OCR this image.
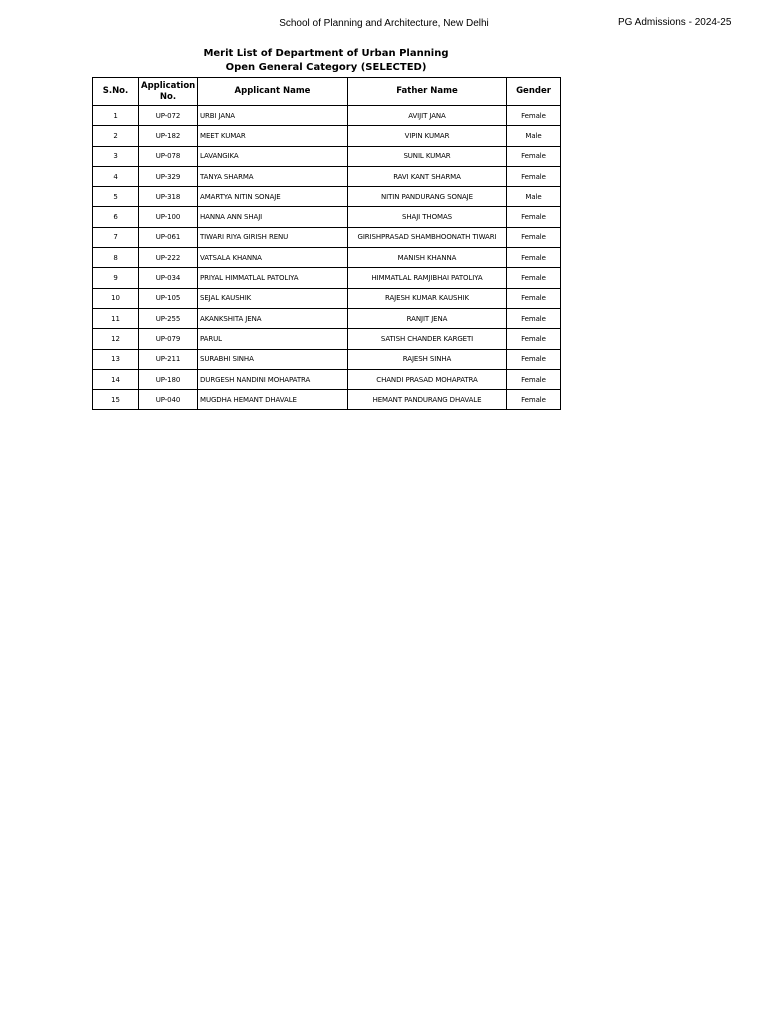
School of Planning and Architecture, New Delhi	PG Admissions - 2024-25
Merit List of Department of Urban Planning
Open General Category (SELECTED)
S.No.	Application No.	Applicant Name	Father Name	Gender
1	UP-072	URBI JANA	AVIJIT JANA	Female
2	UP-182	MEET KUMAR	VIPIN KUMAR	Male
3	UP-078	LAVANGIKA	SUNIL KUMAR	Female
4	UP-329	TANYA SHARMA	RAVI KANT SHARMA	Female
5	UP-318	AMARTYA NITIN SONAJE	NITIN PANDURANG SONAJE	Male
6	UP-100	HANNA ANN SHAJI	SHAJI THOMAS	Female
7	UP-061	TIWARI RIYA GIRISH RENU	GIRISHPRASAD SHAMBHOONATH TIWARI	Female
8	UP-222	VATSALA KHANNA	MANISH KHANNA	Female
9	UP-034	PRIYAL HIMMATLAL PATOLIYA	HIMMATLAL RAMJIBHAI PATOLIYA	Female
10	UP-105	SEJAL KAUSHIK	RAJESH KUMAR KAUSHIK	Female
11	UP-255	AKANKSHITA JENA	RANJIT JENA	Female
12	UP-079	PARUL	SATISH CHANDER KARGETI	Female
13	UP-211	SURABHI SINHA	RAJESH SINHA	Female
14	UP-180	DURGESH NANDINI MOHAPATRA	CHANDI PRASAD MOHAPATRA	Female
15	UP-040	MUGDHA HEMANT DHAVALE	HEMANT PANDURANG DHAVALE	Female
